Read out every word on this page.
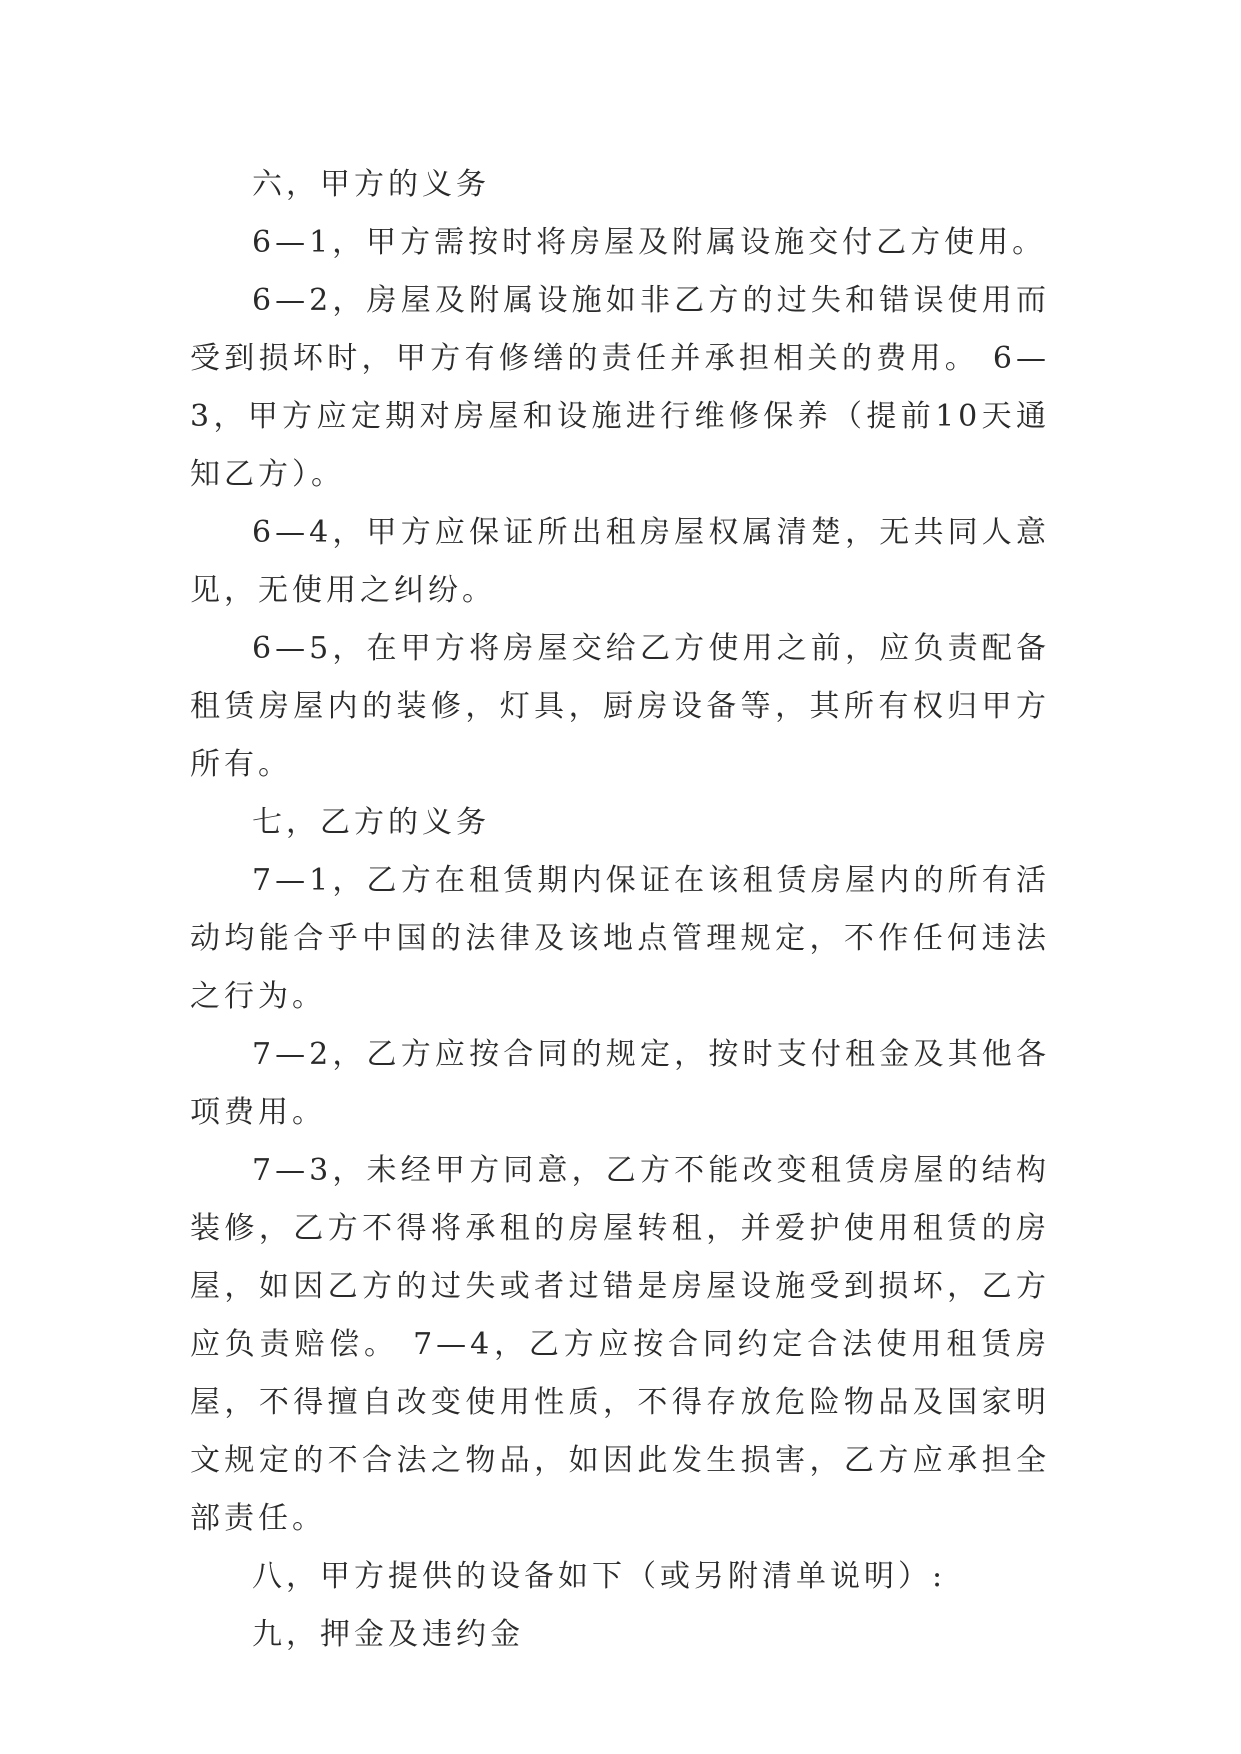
六，甲方的义务

6—1，甲方需按时将房屋及附属设施交付乙方使用。

6—2，房屋及附属设施如非乙方的过失和错误使用而受到损坏时，甲方有修缮的责任并承担相关的费用。 6—3，甲方应定期对房屋和设施进行维修保养（提前10天通知乙方）。

6—4，甲方应保证所出租房屋权属清楚，无共同人意见，无使用之纠纷。

6—5，在甲方将房屋交给乙方使用之前，应负责配备租赁房屋内的装修，灯具，厨房设备等，其所有权归甲方所有。

七，乙方的义务

7—1，乙方在租赁期内保证在该租赁房屋内的所有活动均能合乎中国的法律及该地点管理规定，不作任何违法之行为。

7—2，乙方应按合同的规定，按时支付租金及其他各项费用。

7—3，未经甲方同意，乙方不能改变租赁房屋的结构装修，乙方不得将承租的房屋转租，并爱护使用租赁的房屋，如因乙方的过失或者过错是房屋设施受到损坏，乙方应负责赔偿。 7—4，乙方应按合同约定合法使用租赁房屋，不得擅自改变使用性质，不得存放危险物品及国家明文规定的不合法之物品，如因此发生损害，乙方应承担全部责任。

八，甲方提供的设备如下（或另附清单说明）:

九，押金及违约金
